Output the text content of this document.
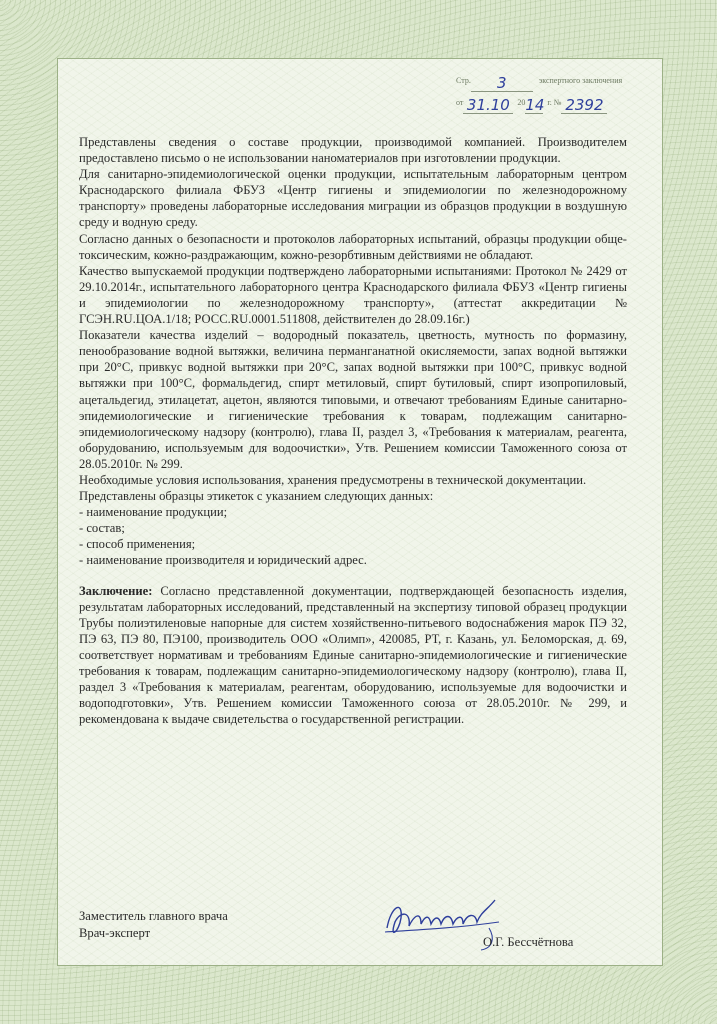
Стр.	3	экспертного заключения
от 31.10 20 14 г. № 2392

Представлены сведения о составе продукции, производимой компанией. Производителем предоставлено письмо о не использовании наноматериалов при изготовлении продукции.

Для санитарно-эпидемиологической оценки продукции, испытательным лабораторным центром Краснодарского филиала ФБУЗ «Центр гигиены и эпидемиологии по железнодорожному транспорту» проведены лабораторные исследования миграции из образцов продукции в воздушную среду и водную среду.

Согласно данных о безопасности и протоколов лабораторных испытаний, образцы продукции обще-токсическим, кожно-раздражающим, кожно-резорбтивным действиями не обладают.

Качество выпускаемой продукции подтверждено лабораторными испытаниями: Протокол № 2429 от 29.10.2014г., испытательного лабораторного центра Краснодарского филиала ФБУЗ «Центр гигиены и эпидемиологии по железнодорожному транспорту», (аттестат аккредитации № ГСЭН.RU.ЦОА.1/18; РОСС.RU.0001.511808, действителен до 28.09.16г.)

Показатели качества изделий – водородный показатель, цветность, мутность по формазину, пенообразование водной вытяжки, величина перманганатной окисляемости, запах водной вытяжки при 20°С, привкус водной вытяжки при 20°С, запах водной вытяжки при 100°С, привкус водной вытяжки при 100°С, формальдегид, спирт метиловый, спирт бутиловый, спирт изопропиловый, ацетальдегид, этилацетат, ацетон, являются типовыми, и отвечают требованиям Единые санитарно-эпидемиологические и гигиенические требования к товарам, подлежащим санитарно-эпидемиологическому надзору (контролю), глава II, раздел 3, «Требования к материалам, реагента, оборудованию, используемым для водоочистки», Утв. Решением комиссии Таможенного союза от 28.05.2010г. № 299.

Необходимые условия использования, хранения предусмотрены в технической документации.

Представлены образцы этикеток с указанием следующих данных:

- наименование продукции;

- состав;

- способ применения;

- наименование производителя и юридический адрес.

Заключение: Согласно представленной документации, подтверждающей безопасность изделия, результатам лабораторных исследований, представленный на экспертизу типовой образец продукции Трубы полиэтиленовые напорные для систем хозяйственно-питьевого водоснабжения марок ПЭ 32, ПЭ 63, ПЭ 80, ПЭ100, производитель ООО «Олимп», 420085, РТ, г. Казань, ул. Беломорская, д. 69, соответствует нормативам и требованиям Единые санитарно-эпидемиологические и гигиенические требования к товарам, подлежащим санитарно-эпидемиологическому надзору (контролю), глава II, раздел 3 «Требования к материалам, реагентам, оборудованию, используемые для водоочистки и водоподготовки», Утв. Решением комиссии Таможенного союза от 28.05.2010г. № 299, и рекомендована к выдаче свидетельства о государственной регистрации.

Заместитель главного врача
Врач-эксперт
О.Г. Бессчётнова
